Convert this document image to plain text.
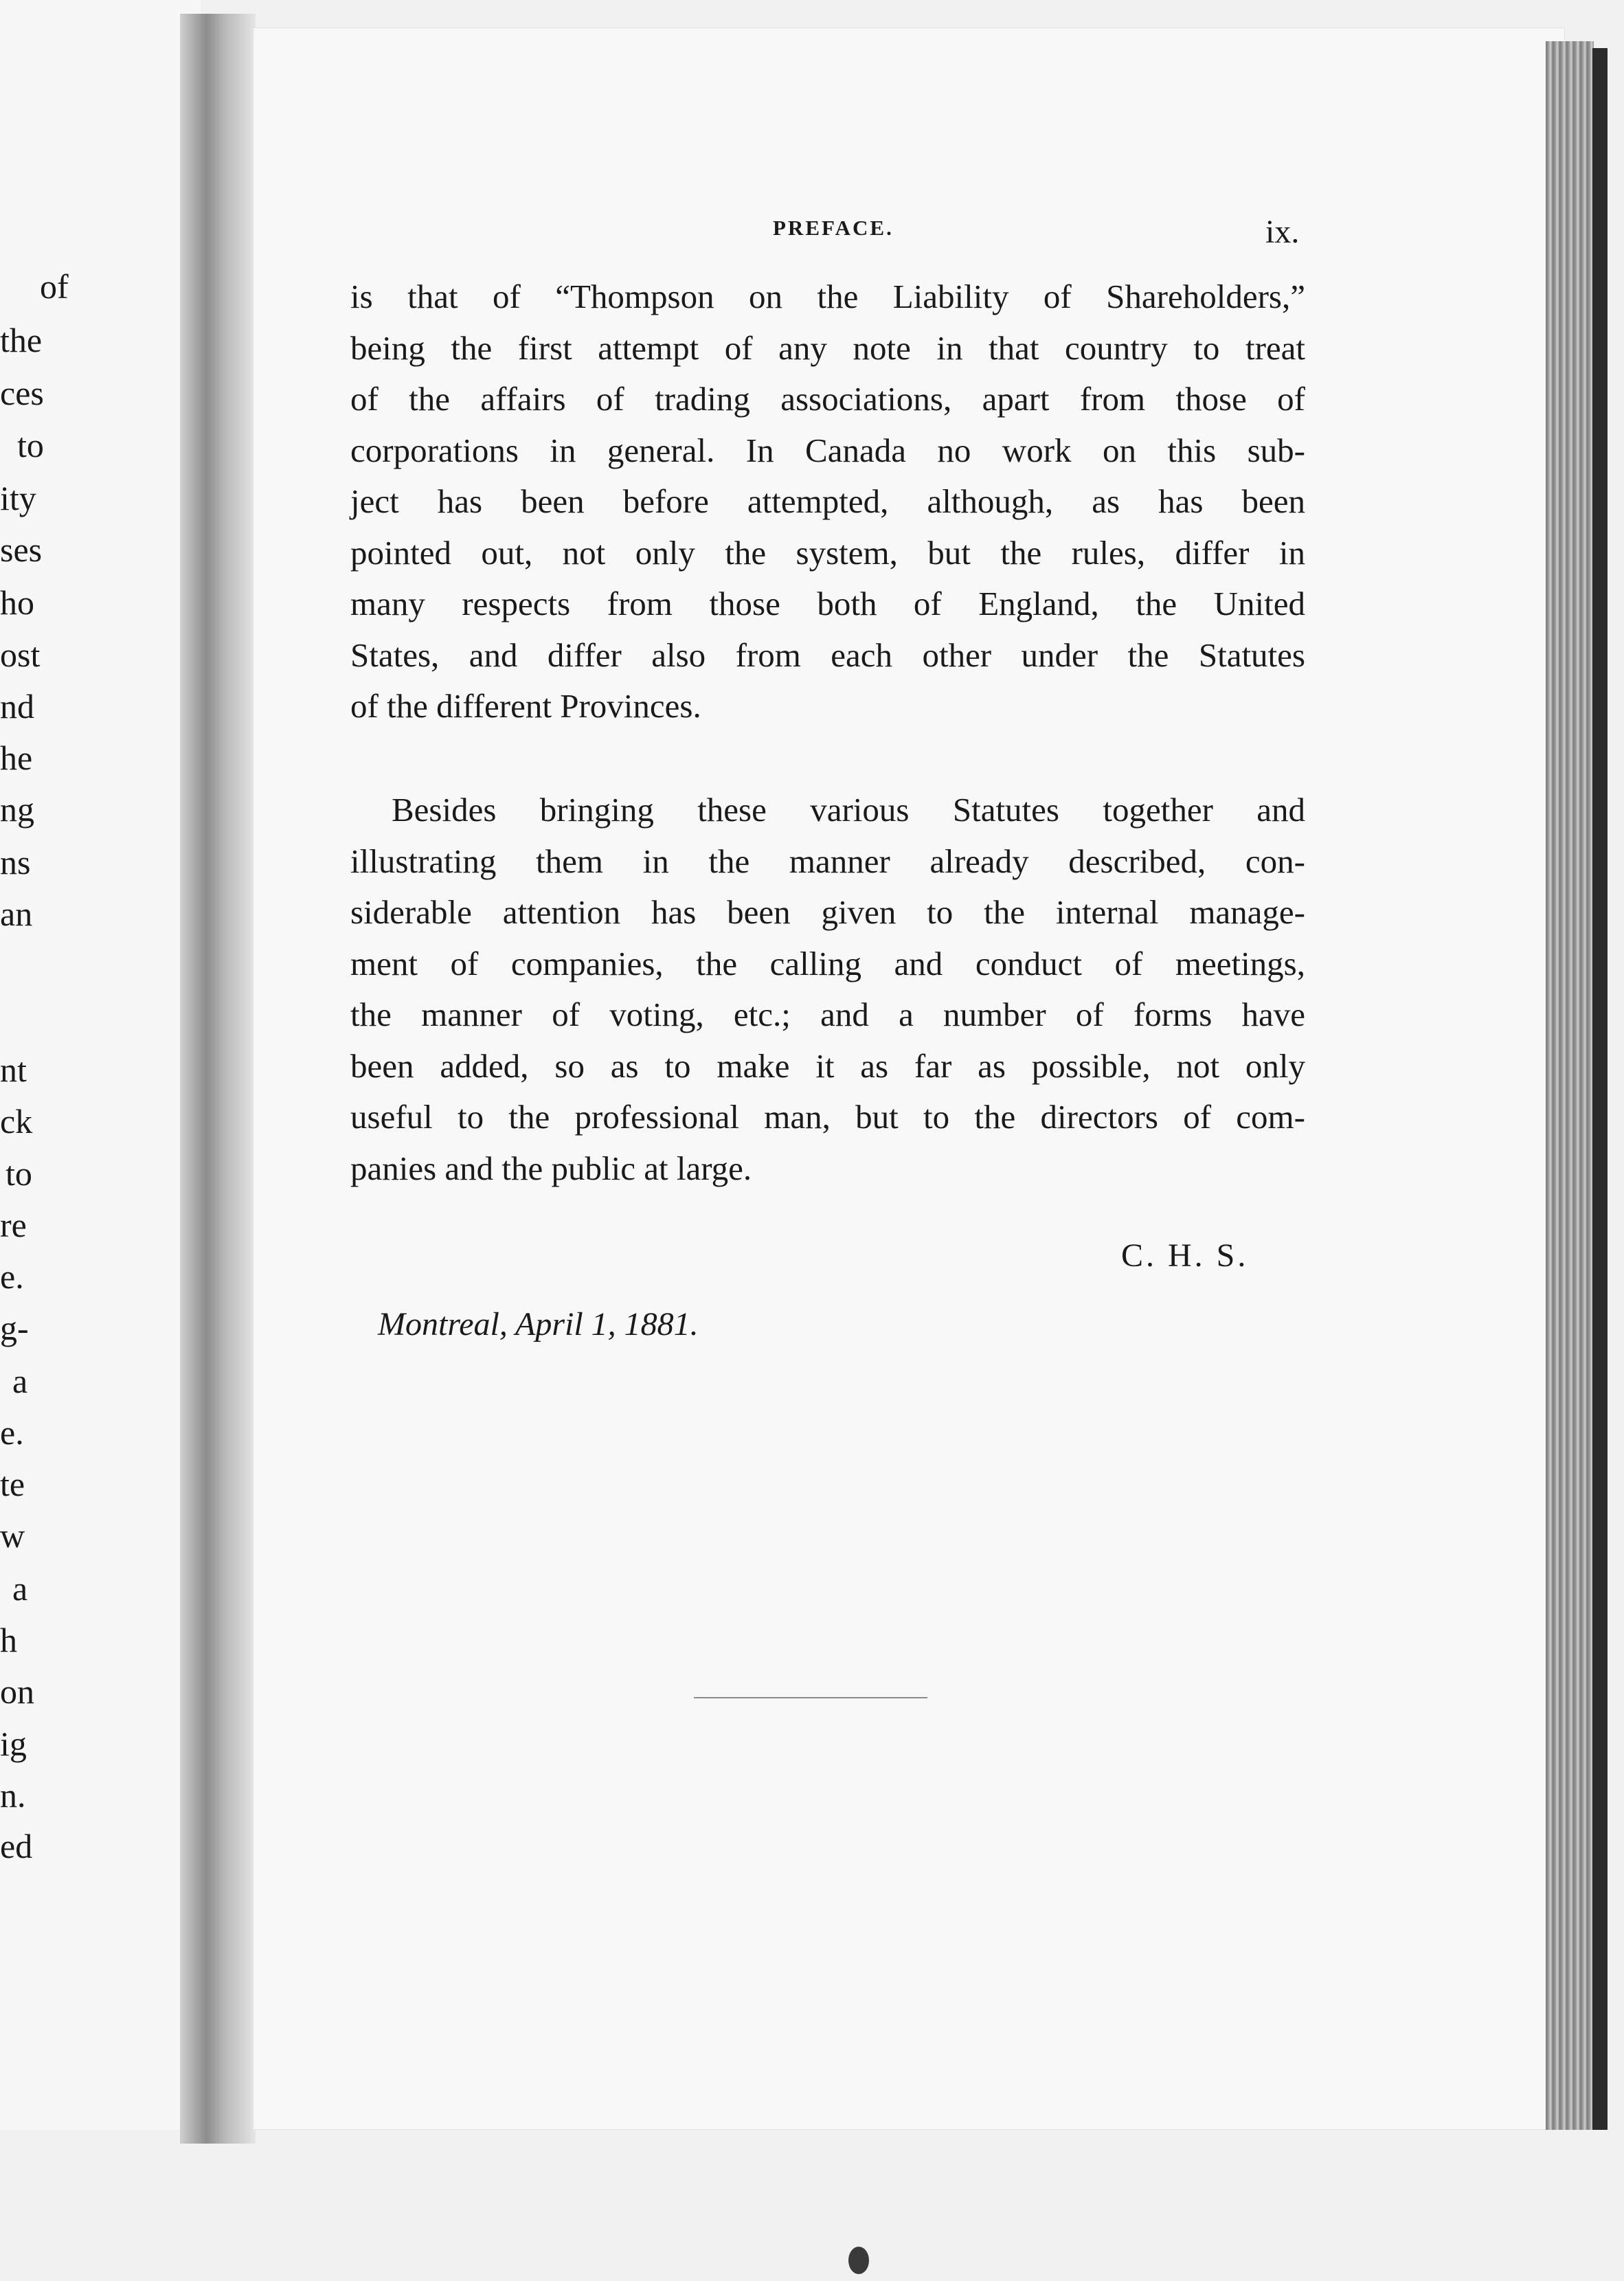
of
the
ces
to
ity
ses
ho
ost
nd
he
ng
ns
an
nt
ck
to
re
e.
g-
a
e.
te
w
a
h
on
ig
n.
ed
PREFACE.	ix.
is that of “Thompson on the Liability of Shareholders,”
being the first attempt of any note in that country to treat
of the affairs of trading associations, apart from those of
corporations in general. In Canada no work on this sub-
ject has been before attempted, although, as has been
pointed out, not only the system, but the rules, differ in
many respects from those both of England, the United
States, and differ also from each other under the Statutes
of the different Provinces.
Besides bringing these various Statutes together and
illustrating them in the manner already described, con-
siderable attention has been given to the internal manage-
ment of companies, the calling and conduct of meetings,
the manner of voting, etc.; and a number of forms have
been added, so as to make it as far as possible, not only
useful to the professional man, but to the directors of com-
panies and the public at large.
C. H. S.
Montreal, April 1, 1881.
